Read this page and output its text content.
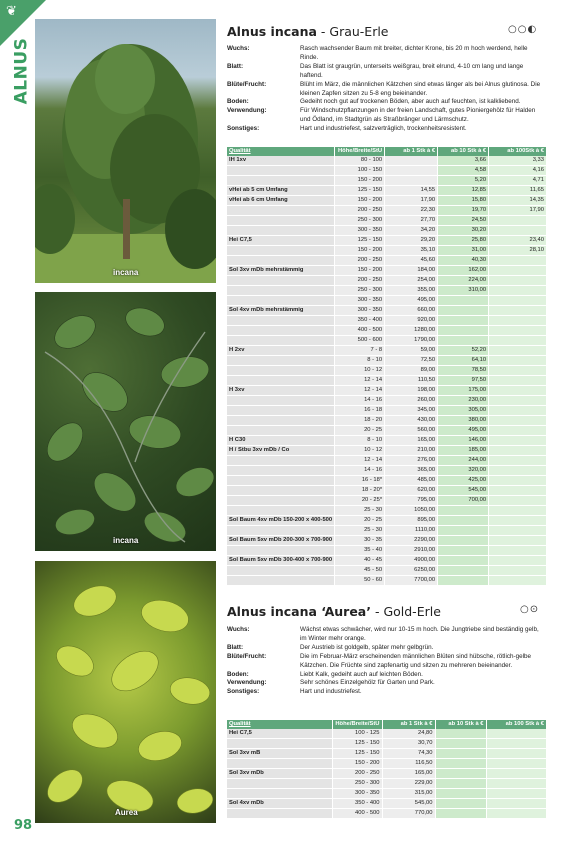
❦
ALNUS
98
incana
incana
Aurea
Alnus incana - Grau-Erle	○○◐
Wuchs:	Rasch wachsender Baum mit breiter, dichter Krone, bis 20 m hoch werdend, helle Rinde.
Blatt:	Das Blatt ist graugrün, unterseits weißgrau, breit elrund, 4-10 cm lang und lange haftend.
Blüte/Frucht:	Blüht im März, die männlichen Kätzchen sind etwas länger als bei Alnus glutinosa. Die kleinen Zapfen sitzen zu 5-8 eng beieinander.
Boden:	Gedeiht noch gut auf trockenen Böden, aber auch auf feuchten, ist kalkliebend.
Verwendung:	Für Windschutzpflanzungen in der freien Landschaft, gutes Pioniergehölz für Halden und Ödland, im Stadtgrün als Straßbränger und Lärmschutz.
Sonstiges:	Hart und industriefest, salzverträglich, trockenheitsresistent.
Qualität	Höhe/Breite/StU	ab 1 Stk à €	ab 10 Stk à €	ab 100Stk à €
lH 1xv	80 - 100		3,66	3,33
	100 - 150		4,58	4,16
	150 - 200		5,20	4,71
vHei ab 5 cm Umfang	125 - 150	14,55	12,85	11,65
vHei ab 6 cm Umfang	150 - 200	17,90	15,80	14,35
	200 - 250	22,30	19,70	17,90
	250 - 300	27,70	24,50	
	300 - 350	34,20	30,20	
Hei C7,5	125 - 150	29,20	25,80	23,40
	150 - 200	35,10	31,00	28,10
	200 - 250	45,60	40,30	
Sol 3xv mDb mehrstämmig	150 - 200	184,00	162,00	
	200 - 250	254,00	224,00	
	250 - 300	355,00	310,00	
	300 - 350	495,00		
Sol 4xv mDb mehrstämmig	300 - 350	660,00		
	350 - 400	920,00		
	400 - 500	1280,00		
	500 - 600	1790,00		
H 2xv	7 - 8	59,00	52,20	
	8 - 10	72,50	64,10	
	10 - 12	89,00	78,50	
	12 - 14	110,50	97,50	
H 3xv	12 - 14	198,00	175,00	
	14 - 16	260,00	230,00	
	16 - 18	345,00	305,00	
	18 - 20	430,00	380,00	
	20 - 25	560,00	495,00	
H C30	8 - 10	165,00	146,00	
H / Stbu 3xv mDb / Co	10 - 12	210,00	185,00	
	12 - 14	276,00	244,00	
	14 - 16	365,00	320,00	
	16 - 18*	485,00	425,00	
	18 - 20*	620,00	545,00	
	20 - 25*	795,00	700,00	
	25 - 30	1050,00		
Sol Baum 4xv mDb 150-200 x 400-500	20 - 25	895,00		
	25 - 30	1110,00		
Sol Baum 5xv mDb 200-300 x 700-900	30 - 35	2290,00		
	35 - 40	2910,00		
Sol Baum 5xv mDb 300-400 x 700-900	40 - 45	4900,00		
	45 - 50	6250,00		
	50 - 60	7700,00		
Alnus incana ‘Aurea’ - Gold-Erle	○⊙
Wuchs:	Wächst etwas schwächer, wird nur 10-15 m hoch. Die Jungtriebe sind beständig gelb, im Winter mehr orange.
Blatt:	Der Austrieb ist goldgelb, später mehr gelbgrün.
Blüte/Frucht:	Die im Februar-März erscheinenden männlichen Blüten sind hübsche, rötlich-gelbe Kätzchen. Die Früchte sind zapfenartig und sitzen zu mehreren beieinander.
Boden:	Liebt Kalk, gedeiht auch auf leichten Böden.
Verwendung:	Sehr schönes Einzelgehölz für Garten und Park.
Sonstiges:	Hart und industriefest.
Qualität	Höhe/Breite/StU	ab 1 Stk à €	ab 10 Stk à €	ab 100 Stk à €
Hei C7,5	100 - 125	24,80		
	125 - 150	30,70		
Sol 3xv mB	125 - 150	74,30		
	150 - 200	116,50		
Sol 3xv mDb	200 - 250	165,00		
	250 - 300	229,00		
	300 - 350	315,00		
Sol 4xv mDb	350 - 400	545,00		
	400 - 500	770,00		
